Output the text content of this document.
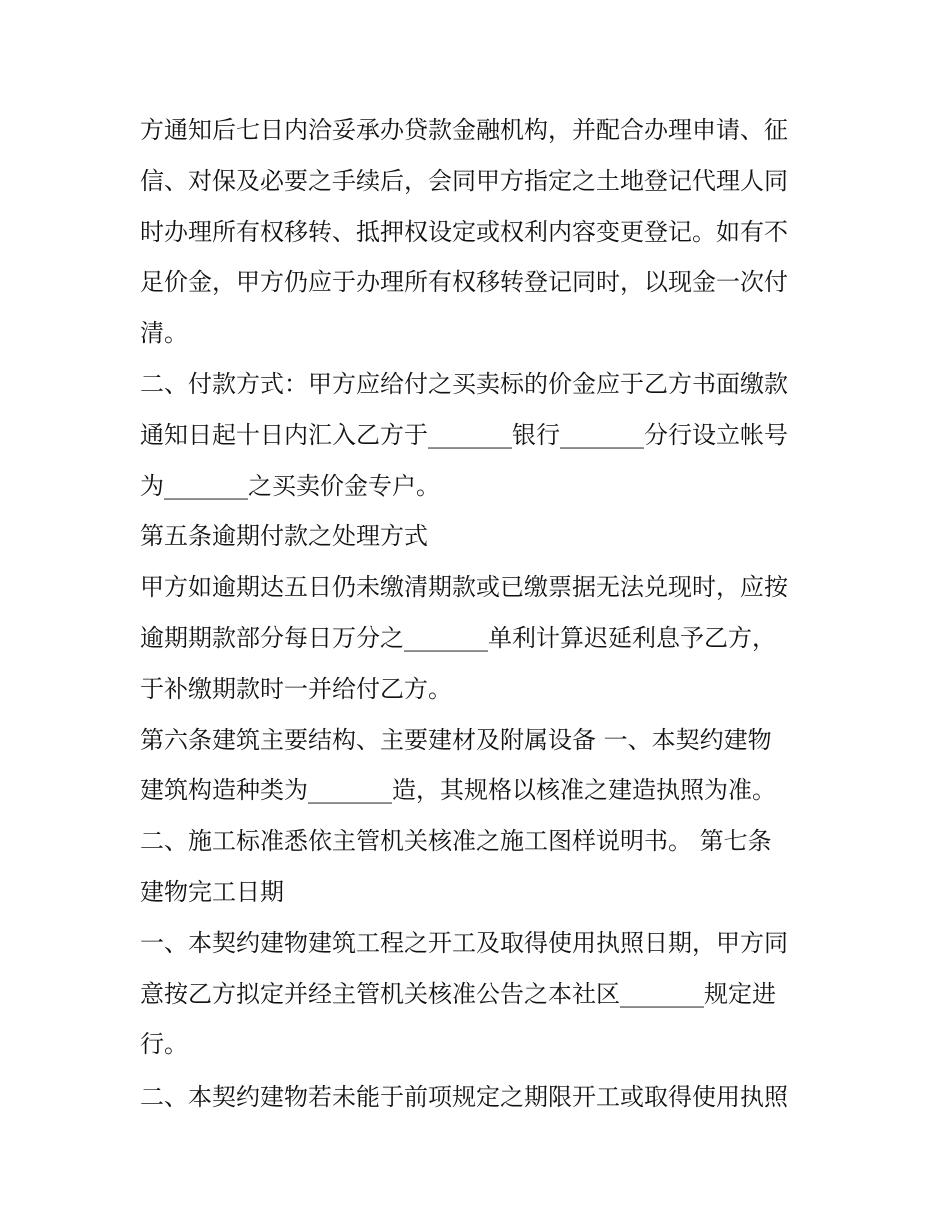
方通知后七日内洽妥承办贷款金融机构，并配合办理申请、征
信、对保及必要之手续后，会同甲方指定之土地登记代理人同
时办理所有权移转、抵押权设定或权利内容变更登记。如有不
足价金，甲方仍应于办理所有权移转登记同时，以现金一次付
清。
二、付款方式：甲方应给付之买卖标的价金应于乙方书面缴款
通知日起十日内汇入乙方于_______银行_______分行设立帐号
为_______之买卖价金专户。
第五条逾期付款之处理方式
甲方如逾期达五日仍未缴清期款或已缴票据无法兑现时，应按
逾期期款部分每日万分之_______单利计算迟延利息予乙方，
于补缴期款时一并给付乙方。
第六条建筑主要结构、主要建材及附属设备 一、本契约建物
建筑构造种类为_______造，其规格以核准之建造执照为准。
二、施工标准悉依主管机关核准之施工图样说明书。 第七条
建物完工日期
一、本契约建物建筑工程之开工及取得使用执照日期，甲方同
意按乙方拟定并经主管机关核准公告之本社区_______规定进
行。
二、本契约建物若未能于前项规定之期限开工或取得使用执照
